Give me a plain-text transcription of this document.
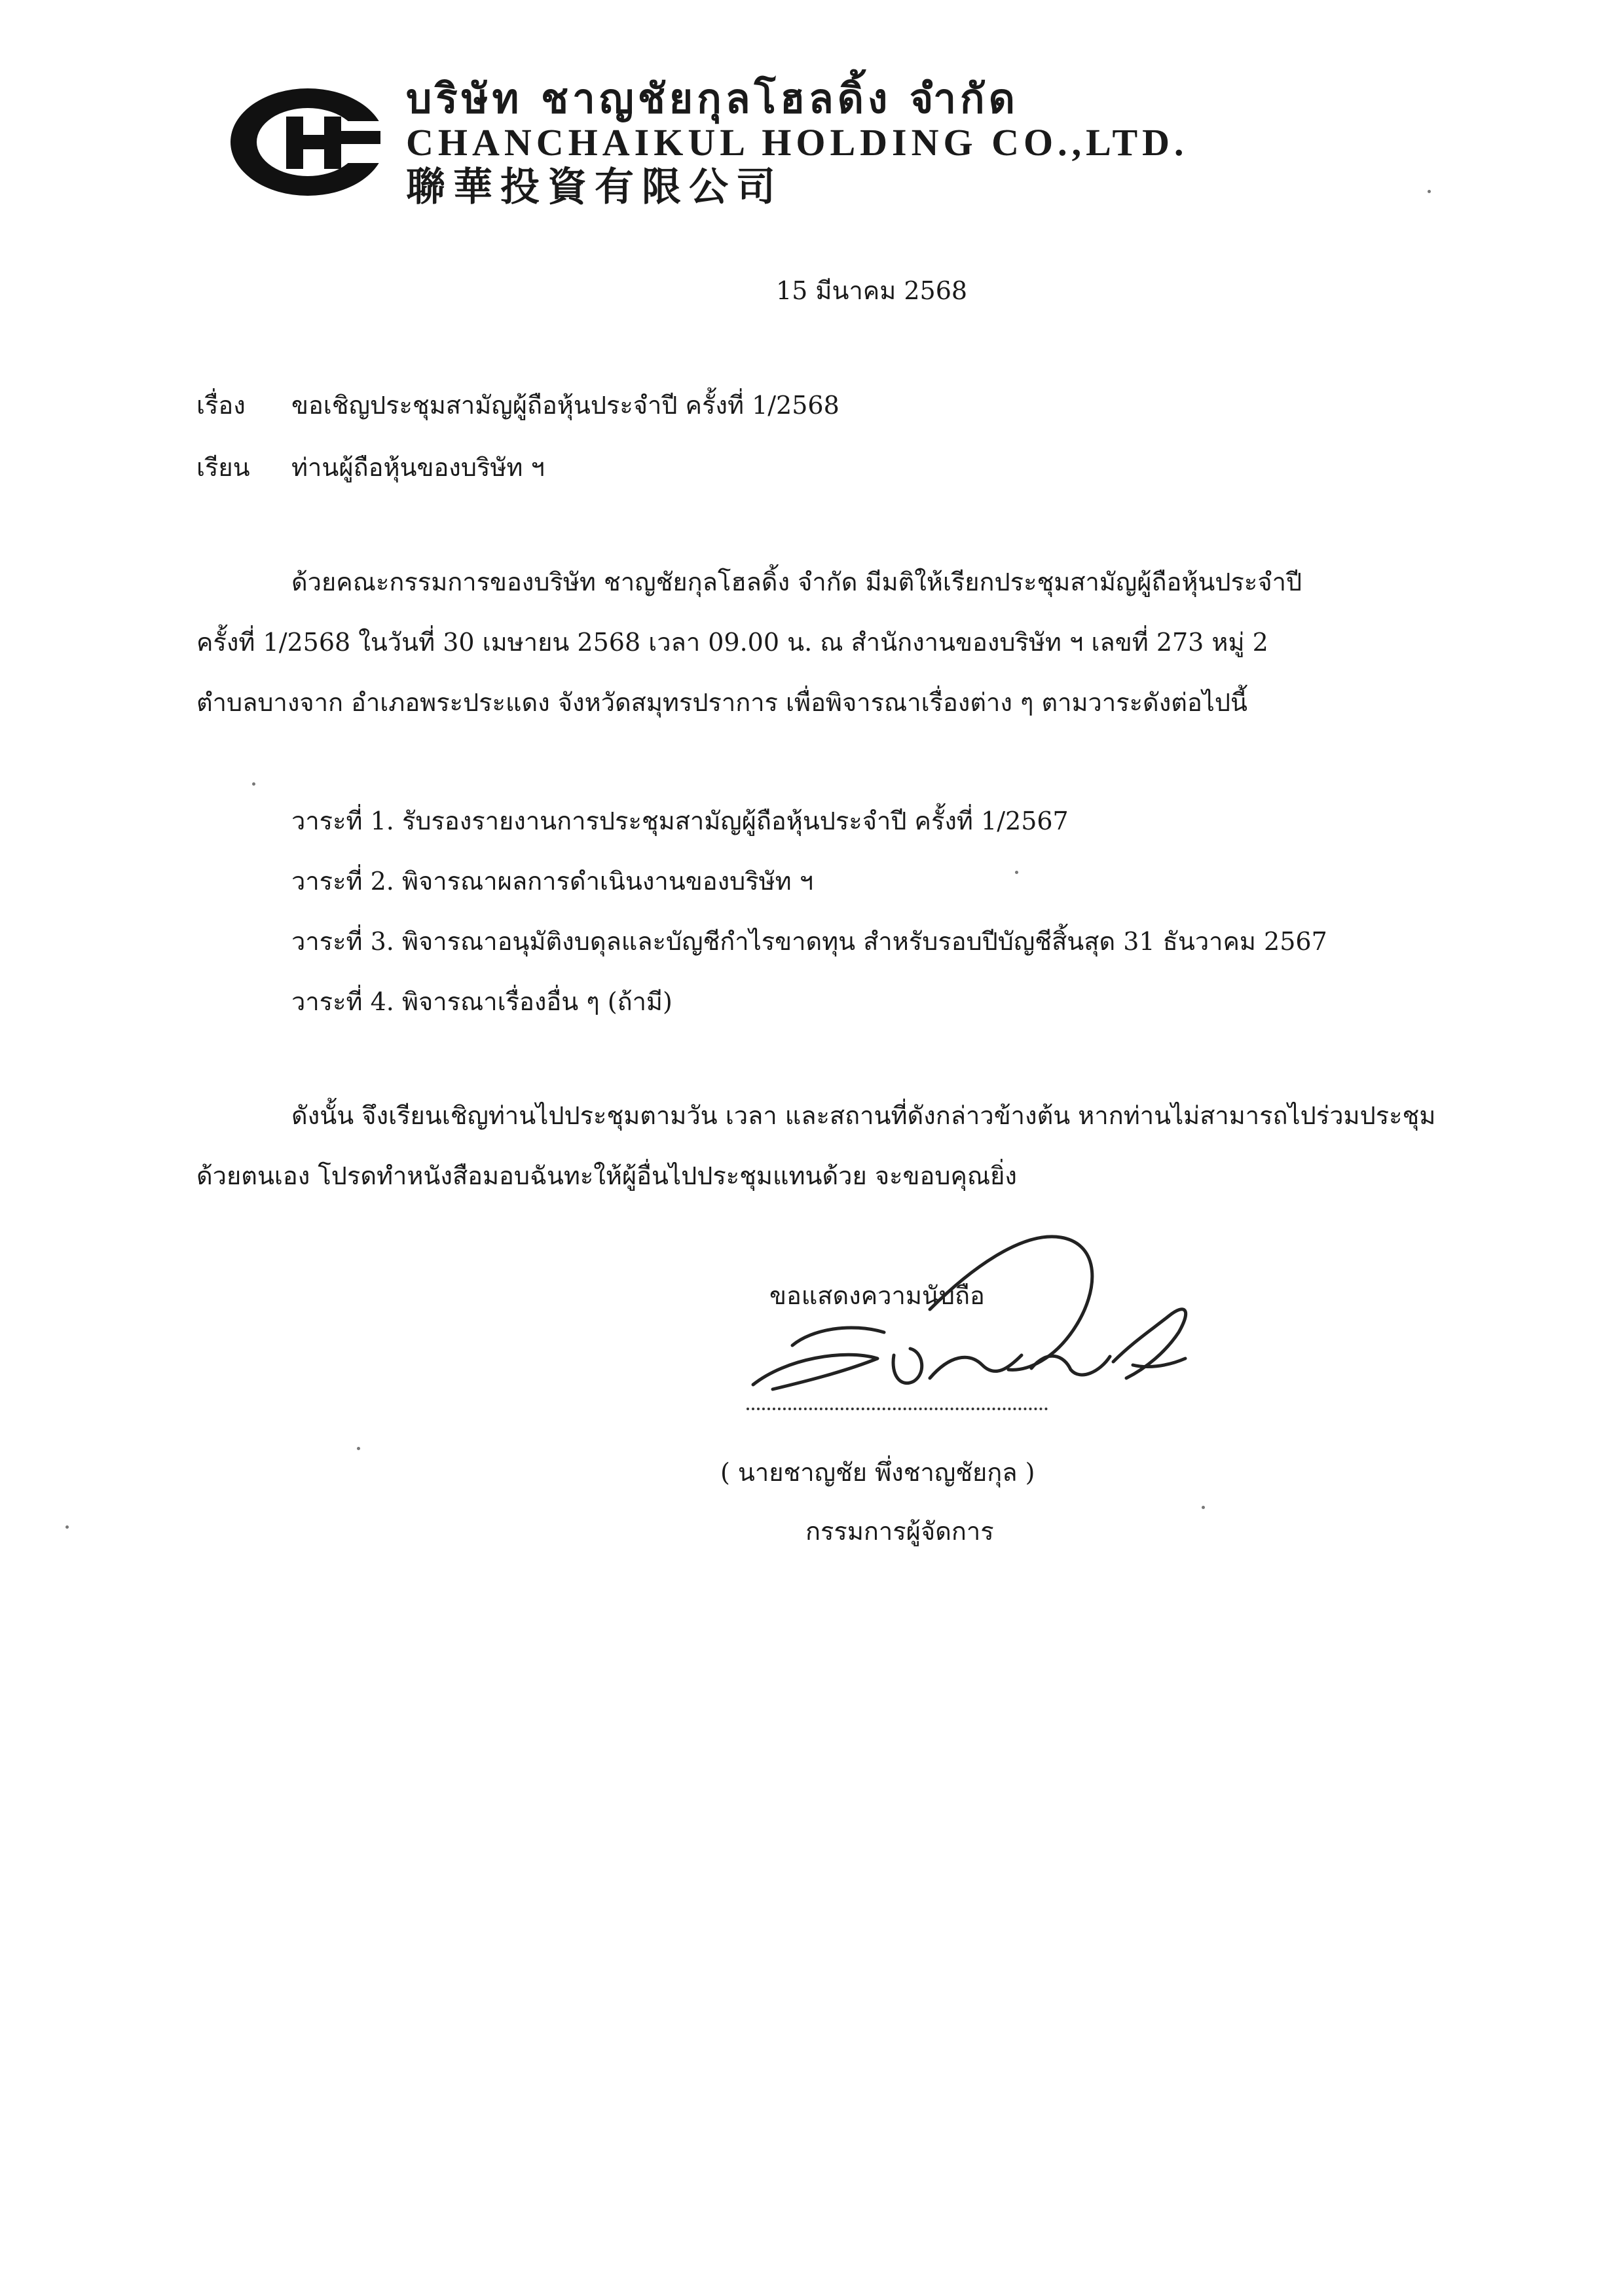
บริษัท ชาญชัยกุลโฮลดิ้ง จำกัด
CHANCHAIKUL HOLDING CO.,LTD.
聯華投資有限公司
15 มีนาคม 2568
เรื่อง ขอเชิญประชุมสามัญผู้ถือหุ้นประจำปี ครั้งที่ 1/2568
เรียน ท่านผู้ถือหุ้นของบริษัท ฯ
ด้วยคณะกรรมการของบริษัท ชาญชัยกุลโฮลดิ้ง จำกัด มีมติให้เรียกประชุมสามัญผู้ถือหุ้นประจำปี
ครั้งที่ 1/2568 ในวันที่ 30 เมษายน 2568 เวลา 09.00 น. ณ สำนักงานของบริษัท ฯ เลขที่ 273 หมู่ 2
ตำบลบางจาก อำเภอพระประแดง จังหวัดสมุทรปราการ เพื่อพิจารณาเรื่องต่าง ๆ ตามวาระดังต่อไปนี้
วาระที่ 1. รับรองรายงานการประชุมสามัญผู้ถือหุ้นประจำปี ครั้งที่ 1/2567
วาระที่ 2. พิจารณาผลการดำเนินงานของบริษัท ฯ
วาระที่ 3. พิจารณาอนุมัติงบดุลและบัญชีกำไรขาดทุน สำหรับรอบปีบัญชีสิ้นสุด 31 ธันวาคม 2567
วาระที่ 4. พิจารณาเรื่องอื่น ๆ (ถ้ามี)
ดังนั้น จึงเรียนเชิญท่านไปประชุมตามวัน เวลา และสถานที่ดังกล่าวข้างต้น หากท่านไม่สามารถไปร่วมประชุม
ด้วยตนเอง โปรดทำหนังสือมอบฉันทะให้ผู้อื่นไปประชุมแทนด้วย จะขอบคุณยิ่ง
ขอแสดงความนับถือ
( นายชาญชัย พึ่งชาญชัยกุล )
กรรมการผู้จัดการ
